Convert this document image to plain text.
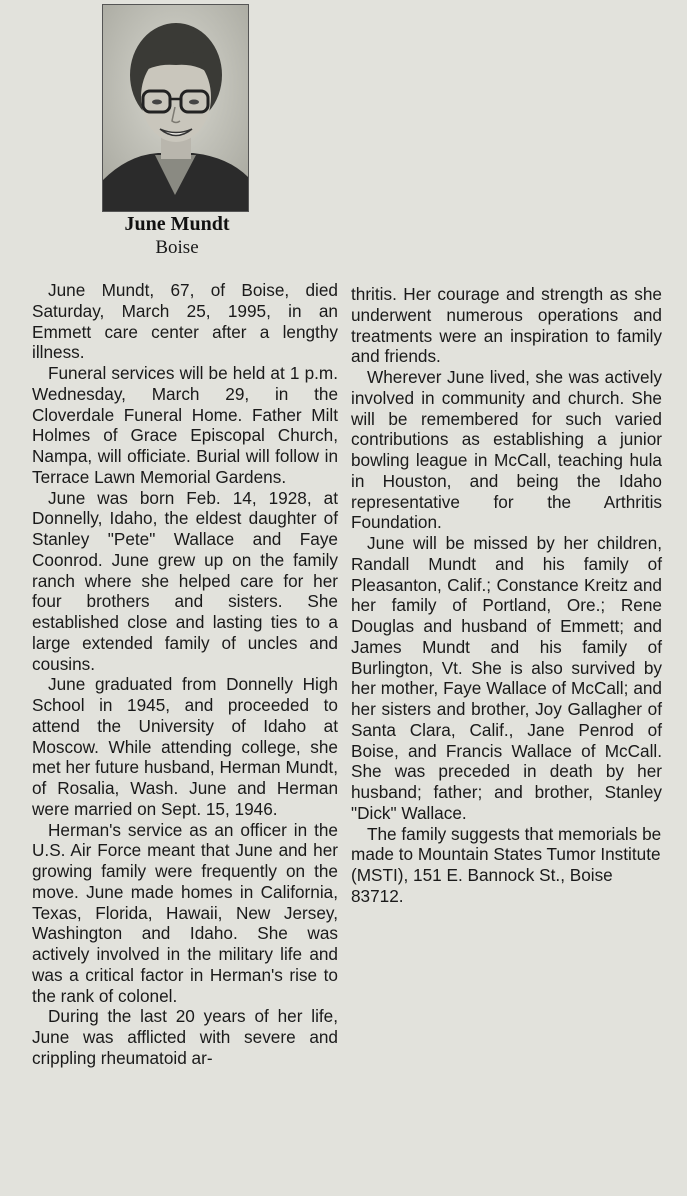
June Mundt
Boise

June Mundt, 67, of Boise, died Saturday, March 25, 1995, in an Emmett care center after a lengthy illness.

Funeral services will be held at 1 p.m. Wednesday, March 29, in the Cloverdale Funeral Home. Father Milt Holmes of Grace Episcopal Church, Nampa, will officiate. Burial will follow in Terrace Lawn Memorial Gardens.

June was born Feb. 14, 1928, at Donnelly, Idaho, the eldest daughter of Stanley "Pete" Wallace and Faye Coonrod. June grew up on the family ranch where she helped care for her four brothers and sisters. She established close and lasting ties to a large extended family of uncles and cousins.

June graduated from Donnelly High School in 1945, and proceeded to attend the University of Idaho at Moscow. While attending college, she met her future husband, Herman Mundt, of Rosalia, Wash. June and Herman were married on Sept. 15, 1946.

Herman's service as an officer in the U.S. Air Force meant that June and her growing family were frequently on the move. June made homes in California, Texas, Florida, Hawaii, New Jersey, Washington and Idaho. She was actively involved in the military life and was a critical factor in Herman's rise to the rank of colonel.

During the last 20 years of her life, June was afflicted with severe and crippling rheumatoid ar-

thritis. Her courage and strength as she underwent numerous operations and treatments were an inspiration to family and friends.

Wherever June lived, she was actively involved in community and church. She will be remembered for such varied contributions as establishing a junior bowling league in McCall, teaching hula in Houston, and being the Idaho representative for the Arthritis Foundation.

June will be missed by her children, Randall Mundt and his family of Pleasanton, Calif.; Constance Kreitz and her family of Portland, Ore.; Rene Douglas and husband of Emmett; and James Mundt and his family of Burlington, Vt. She is also survived by her mother, Faye Wallace of McCall; and her sisters and brother, Joy Gallagher of Santa Clara, Calif., Jane Penrod of Boise, and Francis Wallace of McCall. She was preceded in death by her husband; father; and brother, Stanley "Dick" Wallace.

The family suggests that memorials be made to Mountain States Tumor Institute (MSTI), 151 E. Bannock St., Boise 83712.
